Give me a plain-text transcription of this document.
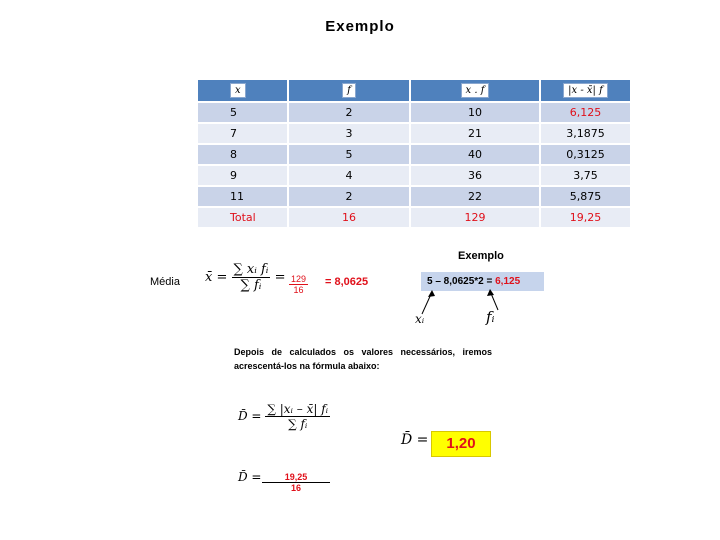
Exemplo
x	f	x . f	|x - x̄| f
5	2	10	6,125
7	3	21	3,1875
8	5	40	0,3125
9	4	36	3,75
11	2	22	5,875
Total	16	129	19,25
Média x̄ = $\frac{\text{∑ xᵢ fᵢ}}{\text{∑ fᵢ}} = \frac{129}{16} = 8,0625$
Exemplo
5 – 8,0625*2 = 6,125
xᵢ	fᵢ
Depois de calculados os valores necessários, iremos
acrescentá-los na fórmula abaixo:
D̄ = $\frac{\text{∑ |xᵢ – x̄| fᵢ}}{\text{∑ fᵢ}}$
D̄ =	1,20
D̄ = $\frac{19,25}{16}$
